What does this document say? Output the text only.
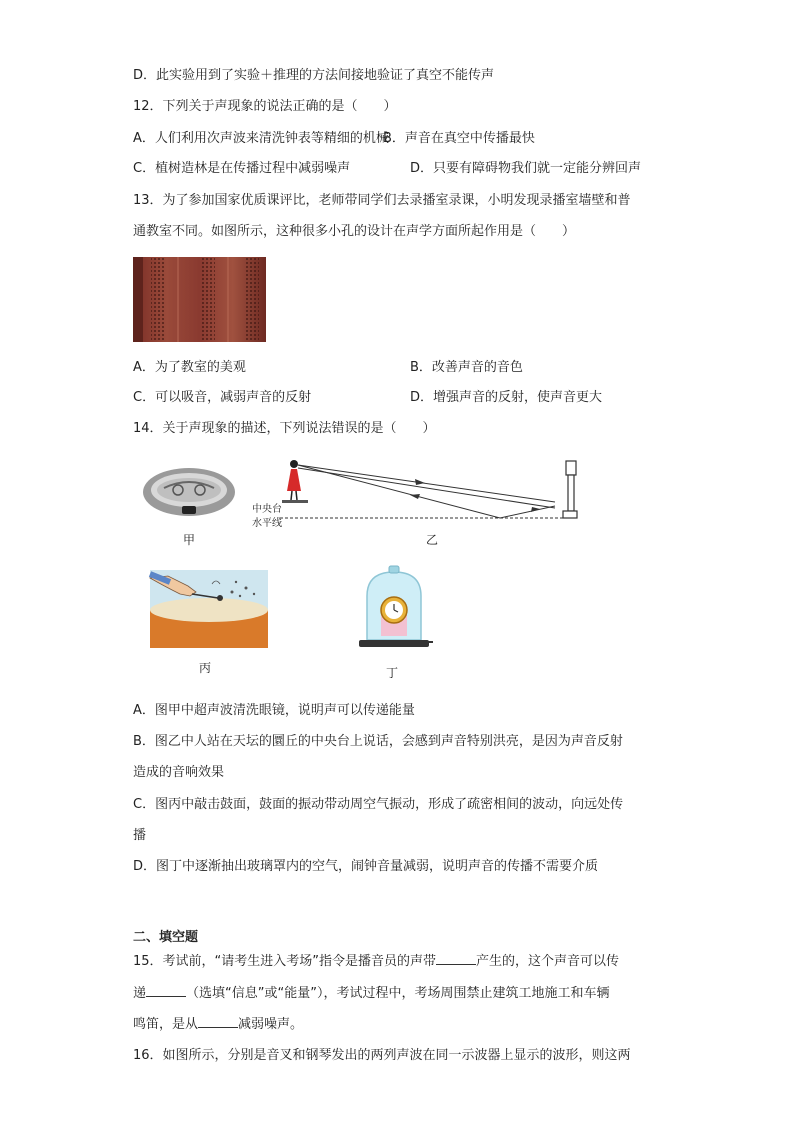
D．此实验用到了实验＋推理的方法间接地验证了真空不能传声
12．下列关于声现象的说法正确的是（　　）
A．人们利用次声波来清洗钟表等精细的机械
B．声音在真空中传播最快
C．植树造林是在传播过程中减弱噪声	D．只要有障碍物我们就一定能分辨回声
13．为了参加国家优质课评比，老师带同学们去录播室录课，小明发现录播室墙壁和普
通教室不同。如图所示，这种很多小孔的设计在声学方面所起作用是（　　）
A．为了教室的美观	B．改善声音的音色
C．可以吸音，减弱声音的反射	D．增强声音的反射，使声音更大
14．关于声现象的描述，下列说法错误的是（　　）
甲
中央台
水平线
乙
丙	丁
A．图甲中超声波清洗眼镜，说明声可以传递能量
B．图乙中人站在天坛的圜丘的中央台上说话，会感到声音特别洪亮，是因为声音反射
造成的音响效果
C．图丙中敲击鼓面，鼓面的振动带动周空气振动，形成了疏密相间的波动，向远处传
播
D．图丁中逐渐抽出玻璃罩内的空气，闹钟音量减弱，说明声音的传播不需要介质
二、填空题
15．考试前，“请考生进入考场”指令是播音员的声带	产生的，这个声音可以传
递	（选填“信息”或“能量”），考试过程中，考场周围禁止建筑工地施工和车辆
鸣笛，是从	减弱噪声。
16．如图所示，分别是音叉和钢琴发出的两列声波在同一示波器上显示的波形，则这两
